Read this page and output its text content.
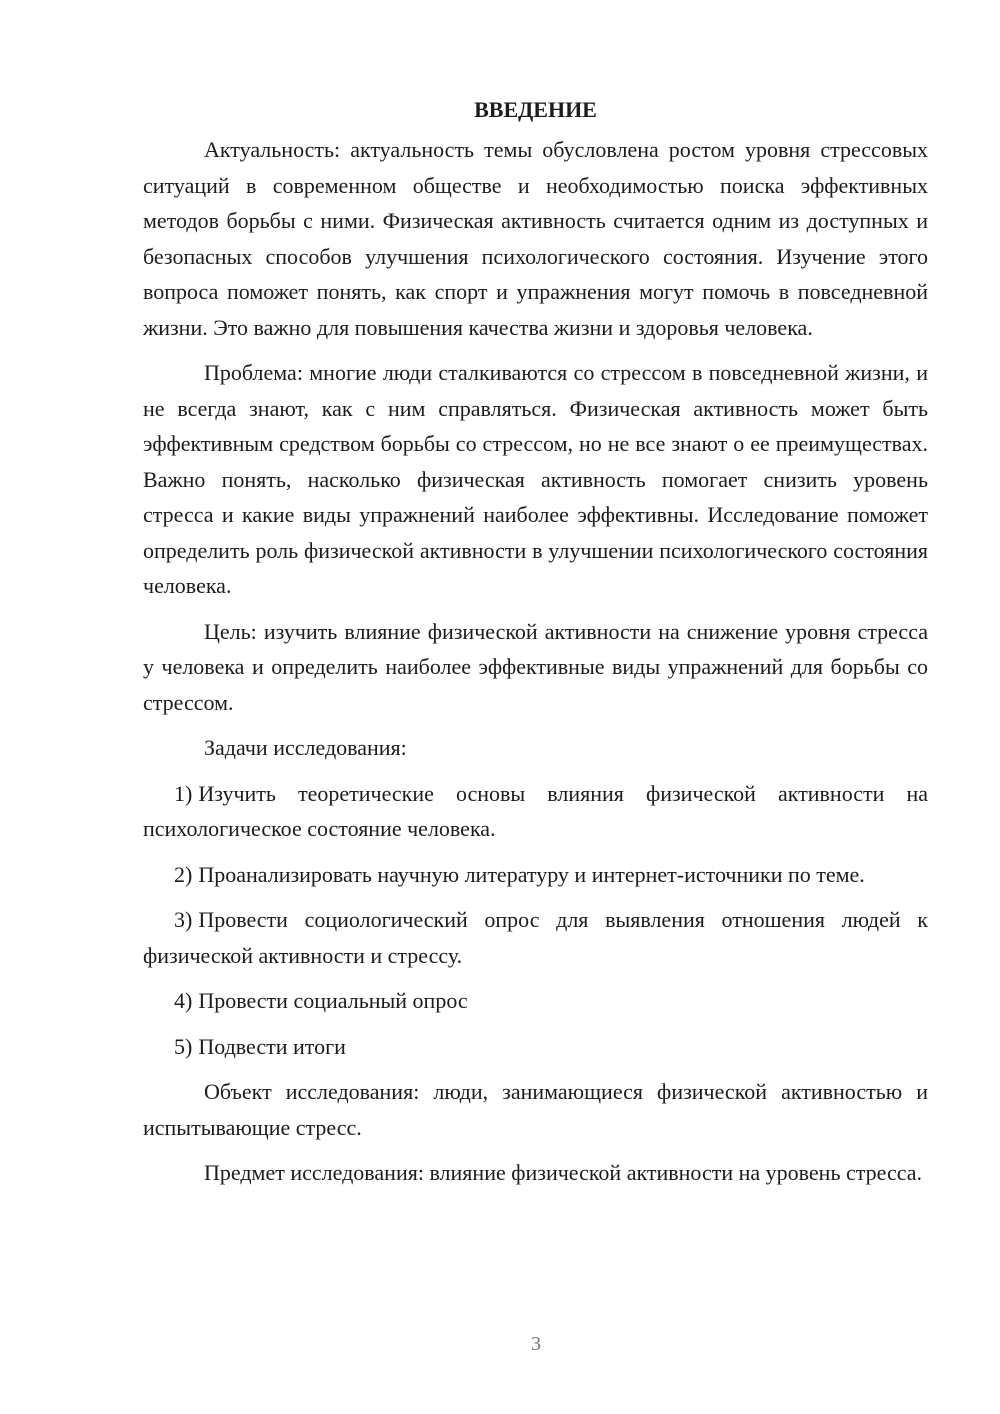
ВВЕДЕНИЕ

Актуальность: актуальность темы обусловлена ростом уровня стрессовых ситуаций в современном обществе и необходимостью поиска эффективных методов борьбы с ними. Физическая активность считается одним из доступных и безопасных способов улучшения психологического состояния. Изучение этого вопроса поможет понять, как спорт и упражнения могут помочь в повседневной жизни. Это важно для повышения качества жизни и здоровья человека.

Проблема: многие люди сталкиваются со стрессом в повседневной жизни, и не всегда знают, как с ним справляться. Физическая активность может быть эффективным средством борьбы со стрессом, но не все знают о ее преимуществах. Важно понять, насколько физическая активность помогает снизить уровень стресса и какие виды упражнений наиболее эффективны. Исследование поможет определить роль физической активности в улучшении психологического состояния человека.

Цель: изучить влияние физической активности на снижение уровня стресса у человека и определить наиболее эффективные виды упражнений для борьбы со стрессом.

Задачи исследования:

1) Изучить теоретические основы влияния физической активности на психологическое состояние человека.

2) Проанализировать научную литературу и интернет-источники по теме.

3) Провести социологический опрос для выявления отношения людей к физической активности и стрессу.

4) Провести социальный опрос

5) Подвести итоги

Объект исследования: люди, занимающиеся физической активностью и испытывающие стресс.

Предмет исследования: влияние физической активности на уровень стресса.

3
